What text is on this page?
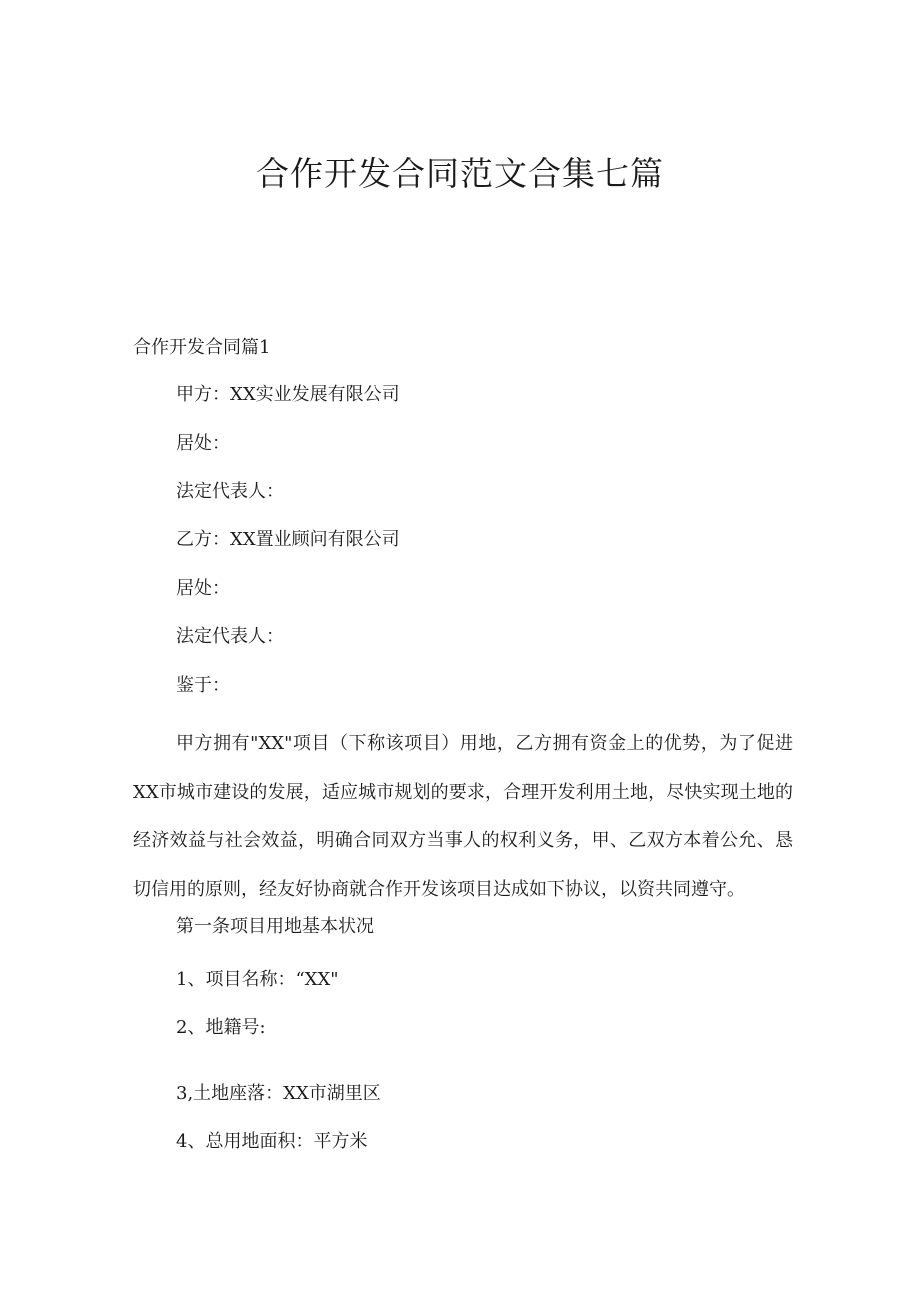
合作开发合同范文合集七篇

合作开发合同篇1

甲方：XX实业发展有限公司

居处：

法定代表人：

乙方：XX置业顾问有限公司

居处：

法定代表人：

鉴于：

甲方拥有"XX"项目（下称该项目）用地，乙方拥有资金上的优势，为了促进XX市城市建设的发展，适应城市规划的要求，合理开发利用土地，尽快实现土地的经济效益与社会效益，明确合同双方当事人的权利义务，甲、乙双方本着公允、恳切信用的原则，经友好协商就合作开发该项目达成如下协议，以资共同遵守。

第一条项目用地基本状况

1、项目名称：“XX"

2、地籍号:

3,土地座落：XX市湖里区

4、总用地面积：平方米
